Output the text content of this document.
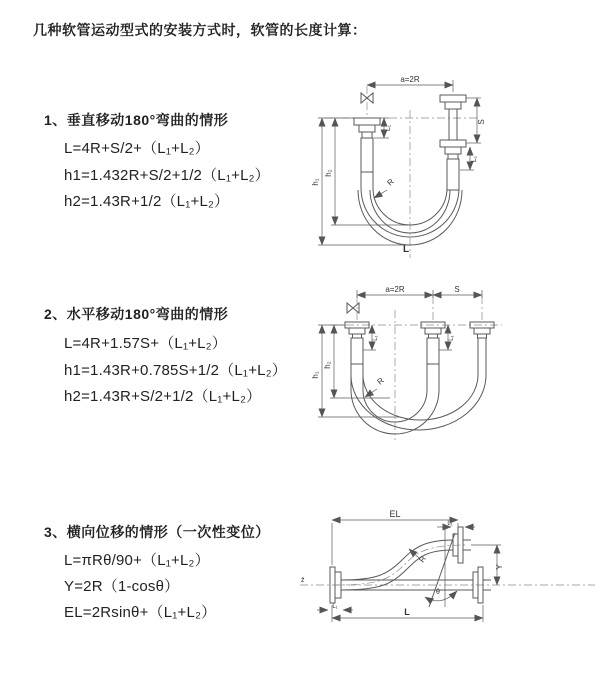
几种软管运动型式的安装方式时，软管的长度计算：
1、垂直移动180°弯曲的情形
L=4R+S/2+（L₁+L₂）
h1=1.432R+S/2+1/2（L₁+L₂）
h2=1.43R+1/2（L₁+L₂）
2、水平移动180°弯曲的情形
L=4R+1.57S+（L₁+L₂）
h1=1.43R+0.785S+1/2（L₁+L₂）
h2=1.43R+S/2+1/2（L₁+L₂）
3、横向位移的情形（一次性变位）
L=πRθ/90+（L₁+L₂）
Y=2R（1-cosθ）
EL=2Rsinθ+（L₁+L₂）
a=2R
S
L₁
L₁
h₁
h₂
R
L
a=2R	S
h₁
h₂
L₁	L₁
R
z̄
EL
L₁
L₁
Y
L
θ
R
